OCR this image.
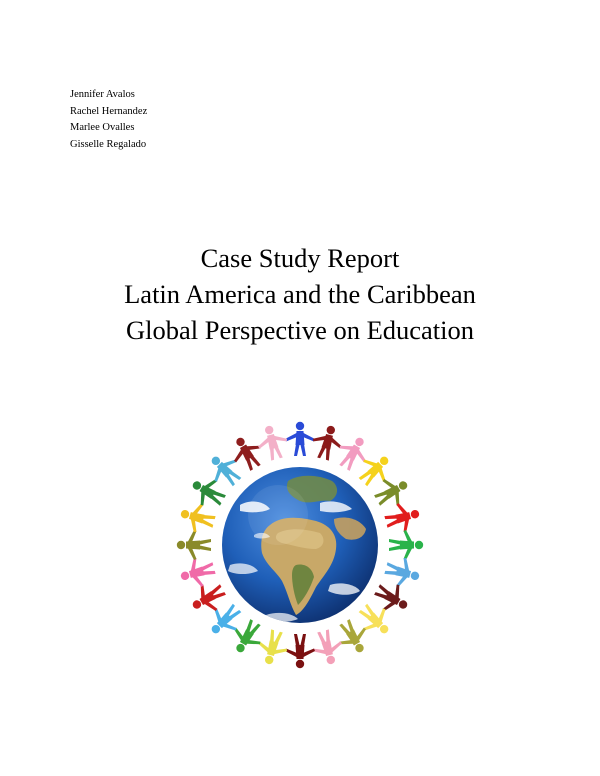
Jennifer Avalos
Rachel Hernandez
Marlee Ovalles
Gisselle Regalado
Case Study Report
Latin America and the Caribbean
Global Perspective on Education
